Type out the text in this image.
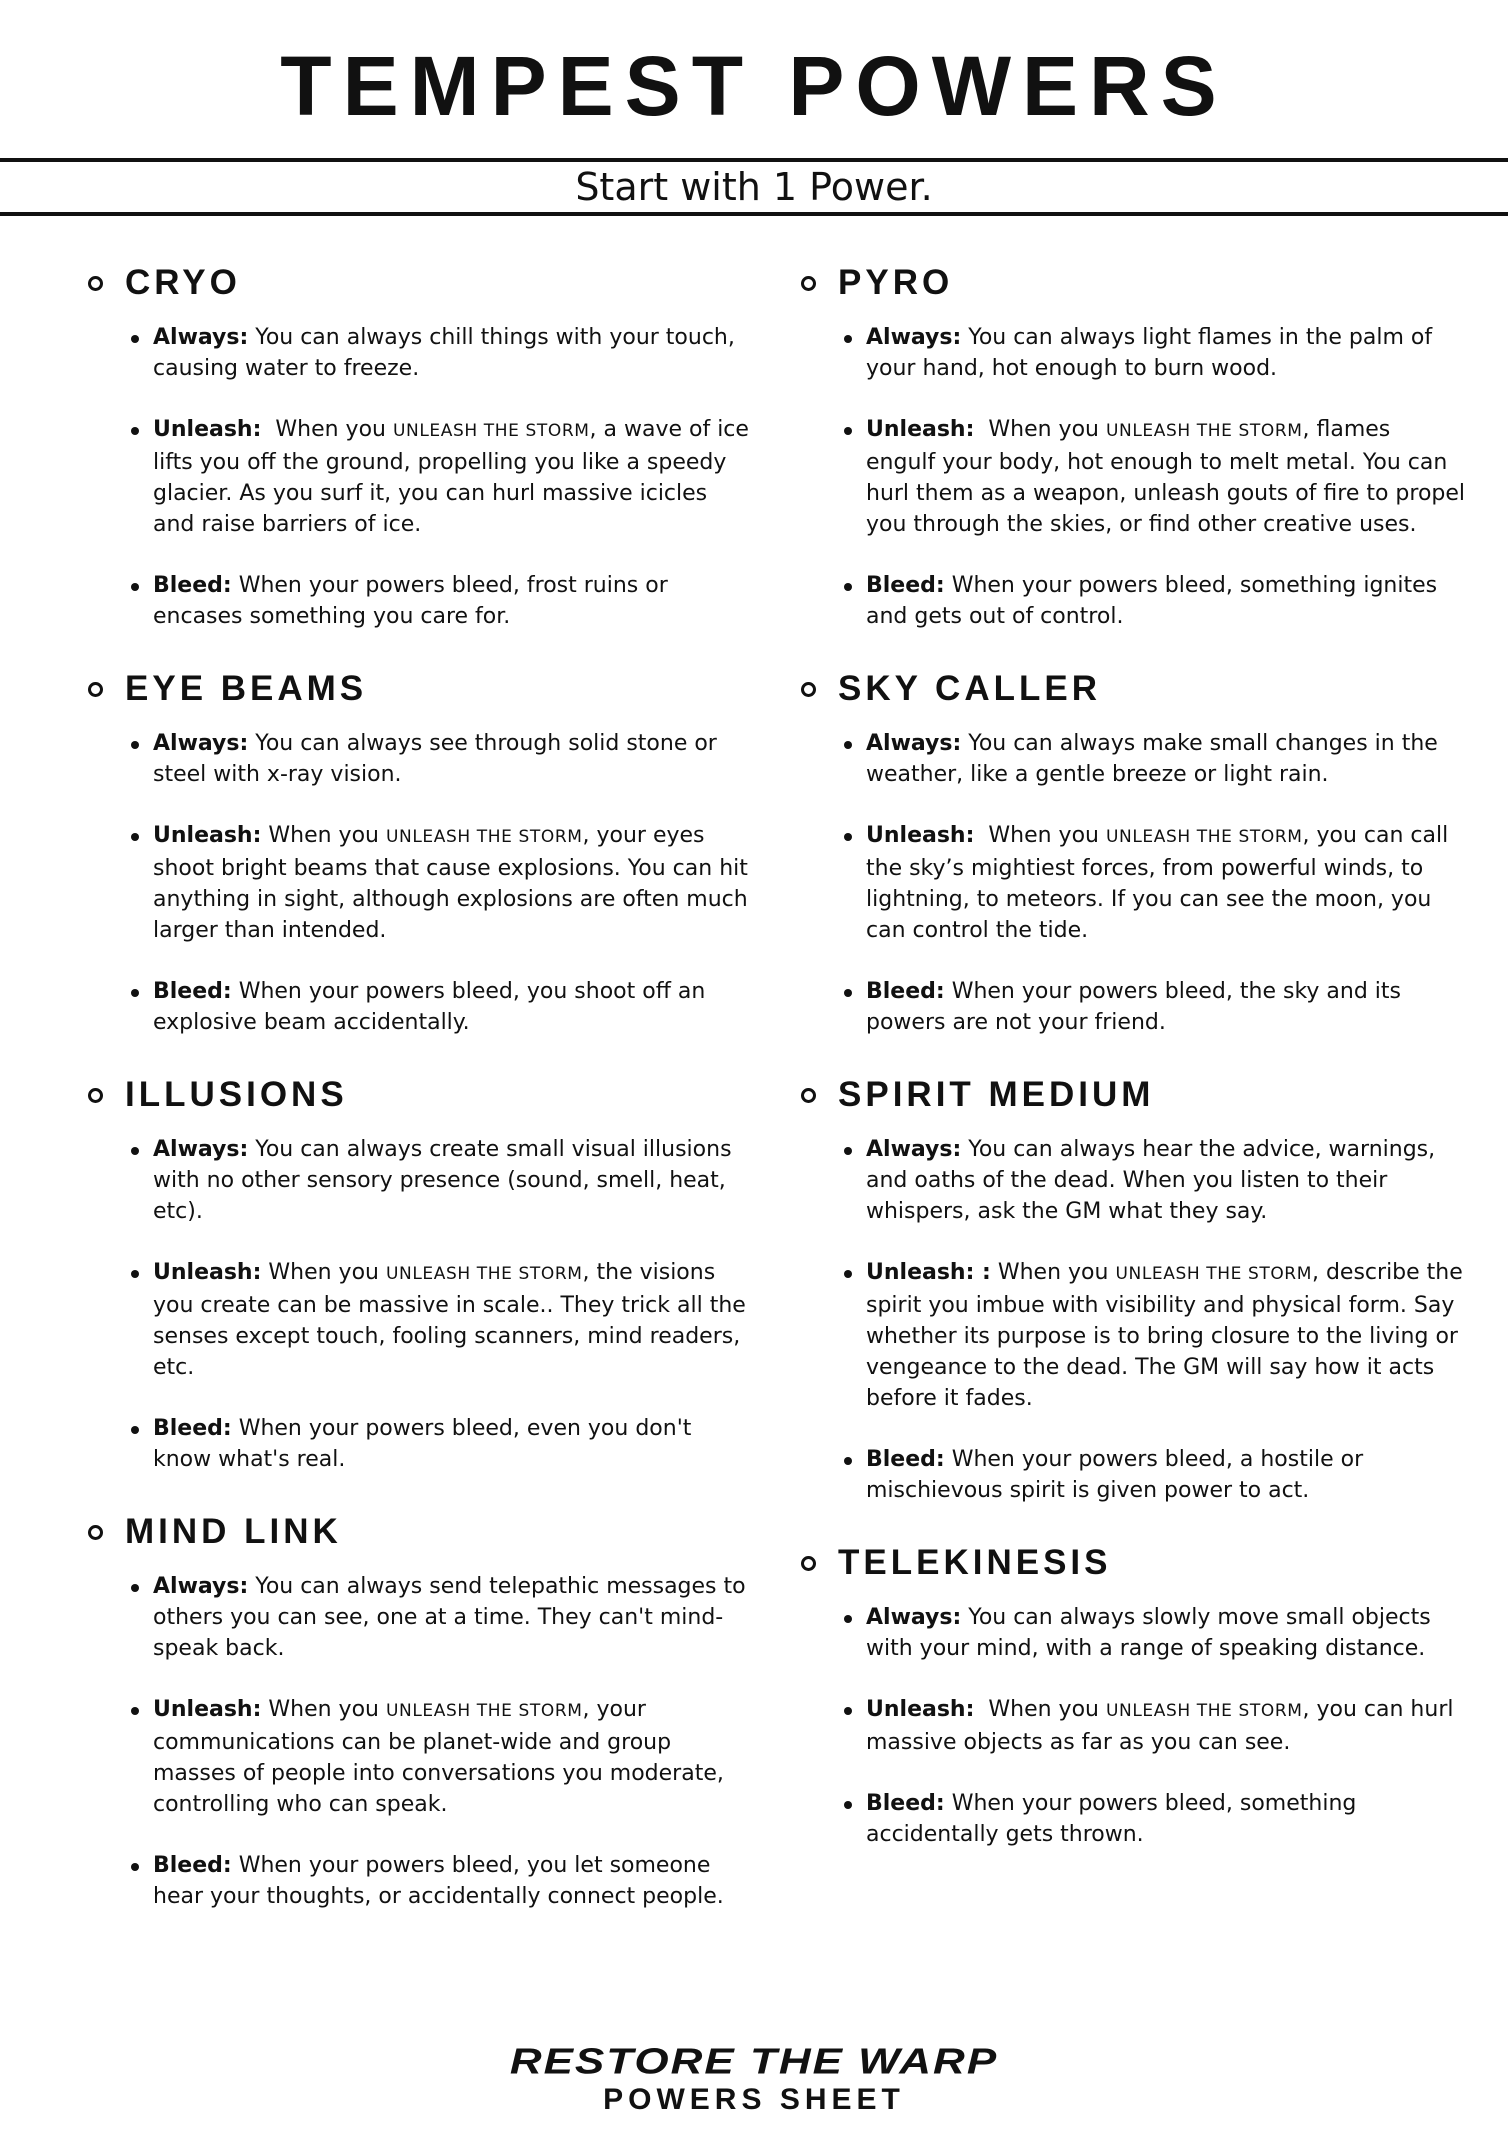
TEMPEST POWERS
Start with 1 Power.
CRYO
Always: You can always chill things with your touch, causing water to freeze.
Unleash: When you UNLEASH THE STORM, a wave of ice lifts you off the ground, propelling you like a speedy glacier. As you surf it, you can hurl massive icicles and raise barriers of ice.
Bleed: When your powers bleed, frost ruins or encases something you care for.
EYE BEAMS
Always: You can always see through solid stone or steel with x-ray vision.
Unleash: When you UNLEASH THE STORM, your eyes shoot bright beams that cause explosions. You can hit anything in sight, although explosions are often much larger than intended.
Bleed: When your powers bleed, you shoot off an explosive beam accidentally.
ILLUSIONS
Always: You can always create small visual illusions with no other sensory presence (sound, smell, heat, etc).
Unleash: When you UNLEASH THE STORM, the visions you create can be massive in scale.. They trick all the senses except touch, fooling scanners, mind readers, etc.
Bleed: When your powers bleed, even you don't know what's real.
MIND LINK
Always: You can always send telepathic messages to others you can see, one at a time. They can't mind-speak back.
Unleash: When you UNLEASH THE STORM, your communications can be planet-wide and group masses of people into conversations you moderate, controlling who can speak.
Bleed: When your powers bleed, you let someone hear your thoughts, or accidentally connect people.
PYRO
Always: You can always light flames in the palm of your hand, hot enough to burn wood.
Unleash: When you UNLEASH THE STORM, flames engulf your body, hot enough to melt metal. You can hurl them as a weapon, unleash gouts of fire to propel you through the skies, or find other creative uses.
Bleed: When your powers bleed, something ignites and gets out of control.
SKY CALLER
Always: You can always make small changes in the weather, like a gentle breeze or light rain.
Unleash: When you UNLEASH THE STORM, you can call the sky’s mightiest forces, from powerful winds, to lightning, to meteors. If you can see the moon, you can control the tide.
Bleed: When your powers bleed, the sky and its powers are not your friend.
SPIRIT MEDIUM
Always: You can always hear the advice, warnings, and oaths of the dead. When you listen to their whispers, ask the GM what they say.
Unleash: : When you UNLEASH THE STORM, describe the spirit you imbue with visibility and physical form. Say whether its purpose is to bring closure to the living or vengeance to the dead. The GM will say how it acts before it fades.
Bleed: When your powers bleed, a hostile or mischievous spirit is given power to act.
TELEKINESIS
Always: You can always slowly move small objects with your mind, with a range of speaking distance.
Unleash: When you UNLEASH THE STORM, you can hurl massive objects as far as you can see.
Bleed: When your powers bleed, something accidentally gets thrown.
RESTORE THE WARP
POWERS SHEET
